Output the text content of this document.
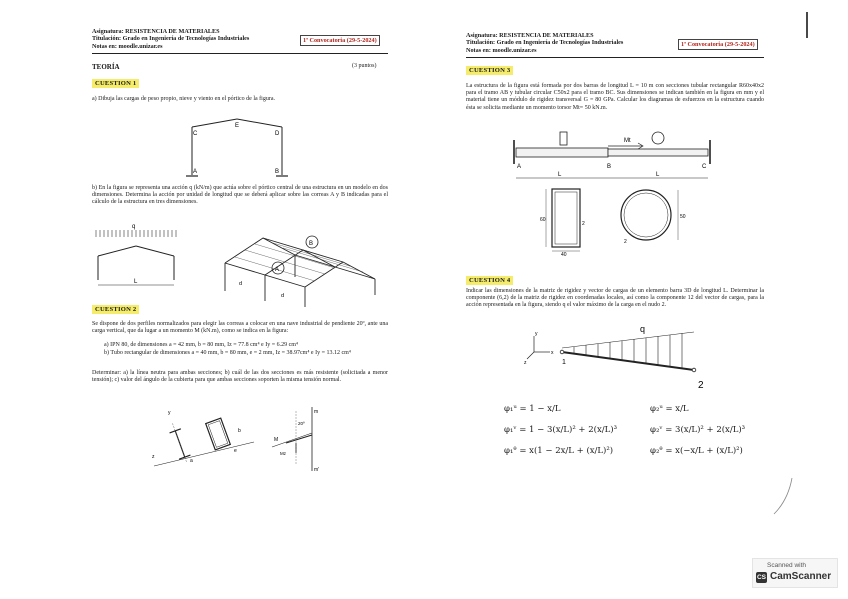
Asignatura: RESISTENCIA DE MATERIALES
Titulación: Grado en Ingeniería de Tecnologías Industriales
Notas en: moodle.unizar.es
1ª Convocatoria (29-5-2024)
TEORÍA	(3 puntos)
CUESTION 1
a) Dibuja las cargas de peso propio, nieve y viento en el pórtico de la figura.
C
E
D
A	B
b) En la figura se representa una acción q (kN/m) que actúa sobre el pórtico central de una estructura en un modelo en dos dimensiones. Determina la acción por unidad de longitud que se deberá aplicar sobre las correas A y B indicadas para el cálculo de la estructura en tres dimensiones.
q
L
B
A
d
d
CUESTION 2
Se dispone de dos perfiles normalizados para elegir las correas a colocar en una nave industrial de pendiente 20º, ante una carga vertical, que da lugar a un momento M (kN.m), como se indica en la figura:
a) IPN 80, de dimensiones a = 42 mm, b = 80 mm, Iz = 77.8 cm⁴ e Iy = 6.29 cm⁴
b) Tubo rectangular de dimensiones a = 40 mm, b = 80 mm, e = 2 mm, Iz = 38.97cm⁴ e Iy = 13.12 cm⁴
Determinar: a) la línea neutra para ambas secciones; b) cuál de las dos secciones es más resistente (solicitada a menor tensión); c) valor del ángulo de la cubierta para que ambas secciones soporten la misma tensión normal.
y
z
a
e
b
m
m'
M
Mz
20º
Asignatura: RESISTENCIA DE MATERIALES
Titulación: Grado en Ingeniería de Tecnologías Industriales
Notas en: moodle.unizar.es
1ª Convocatoria (29-5-2024)
CUESTION 3
La estructura de la figura está formada por dos barras de longitud L = 10 m con secciones tubular rectangular R60x40x2 para el tramo AB y tubular circular C50x2 para el tramo BC. Sus dimensiones se indican también en la figura en mm y el material tiene un módulo de rigidez transversal G = 80 GPa. Calcular los diagramas de esfuerzos en la estructura cuando ésta se solicita mediante un momento torsor Mt= 50 kN.m.
Mt
A	B	C
L	L
60
40
2
50
2
CUESTION 4
Indicar las dimensiones de la matriz de rigidez y vector de cargas de un elemento barra 3D de longitud L. Determinar la componente (6,2) de la matriz de rigidez en coordenadas locales, así como la componente 12 del vector de cargas, para la acción representada en la figura, siendo q el valor máximo de la carga en el nudo 2.
y
x
z
q
1
2
φ₁ᵘ = 1 − x/L	φ₂ᵘ = x/L
φ₁ᵛ = 1 − 3(x/L)² + 2(x/L)³	φ₂ᵛ = 3(x/L)² + 2(x/L)³
φ₁ᶿ = x(1 − 2x/L + (x/L)²)	φ₂ᶿ = x(−x/L + (x/L)²)
Scanned with
CS CamScanner
